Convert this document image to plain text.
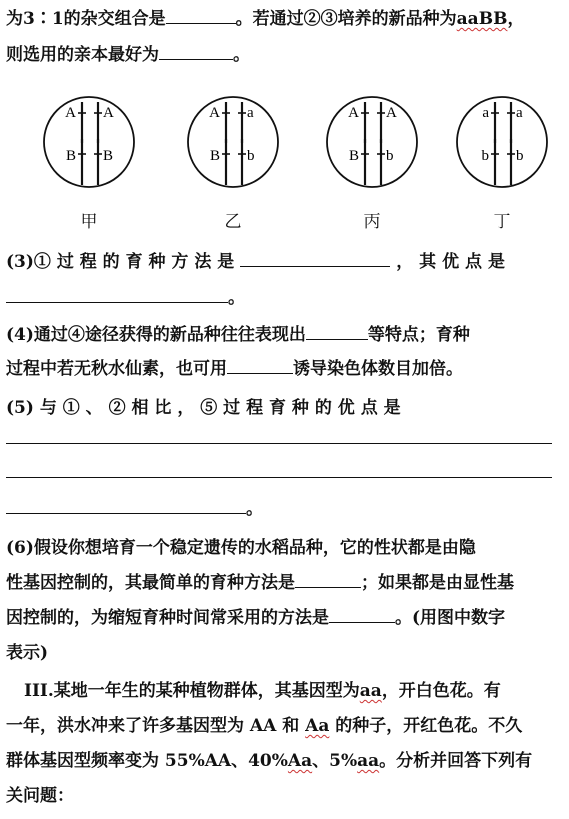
为3∶1的杂交组合是	。若通过②③培养的新品种为aaBB，
则选用的亲本最好为	。
A A
B B
甲
A a
B b
乙
A A
B b
丙
a a
b b
丁
(3)① 过 程 的 育 种 方 法 是	， 其 优 点 是
。
(4)通过④途径获得的新品种往往表现出	等特点；育种
过程中若无秋水仙素，也可用	诱导染色体数目加倍。
(5) 与 ① 、 ② 相 比 ， ⑤ 过 程 育 种 的 优 点 是
。
(6)假设你想培育一个稳定遗传的水稻品种，它的性状都是由隐
性基因控制的，其最简单的育种方法是	；如果都是由显性基
因控制的，为缩短育种时间常采用的方法是	。(用图中数字
表示)
III.某地一年生的某种植物群体，其基因型为aa，开白色花。有
一年，洪水冲来了许多基因型为 AA 和 Aa 的种子，开红色花。不久
群体基因型频率变为 55%AA、40%Aa、5%aa。分析并回答下列有
关问题：
